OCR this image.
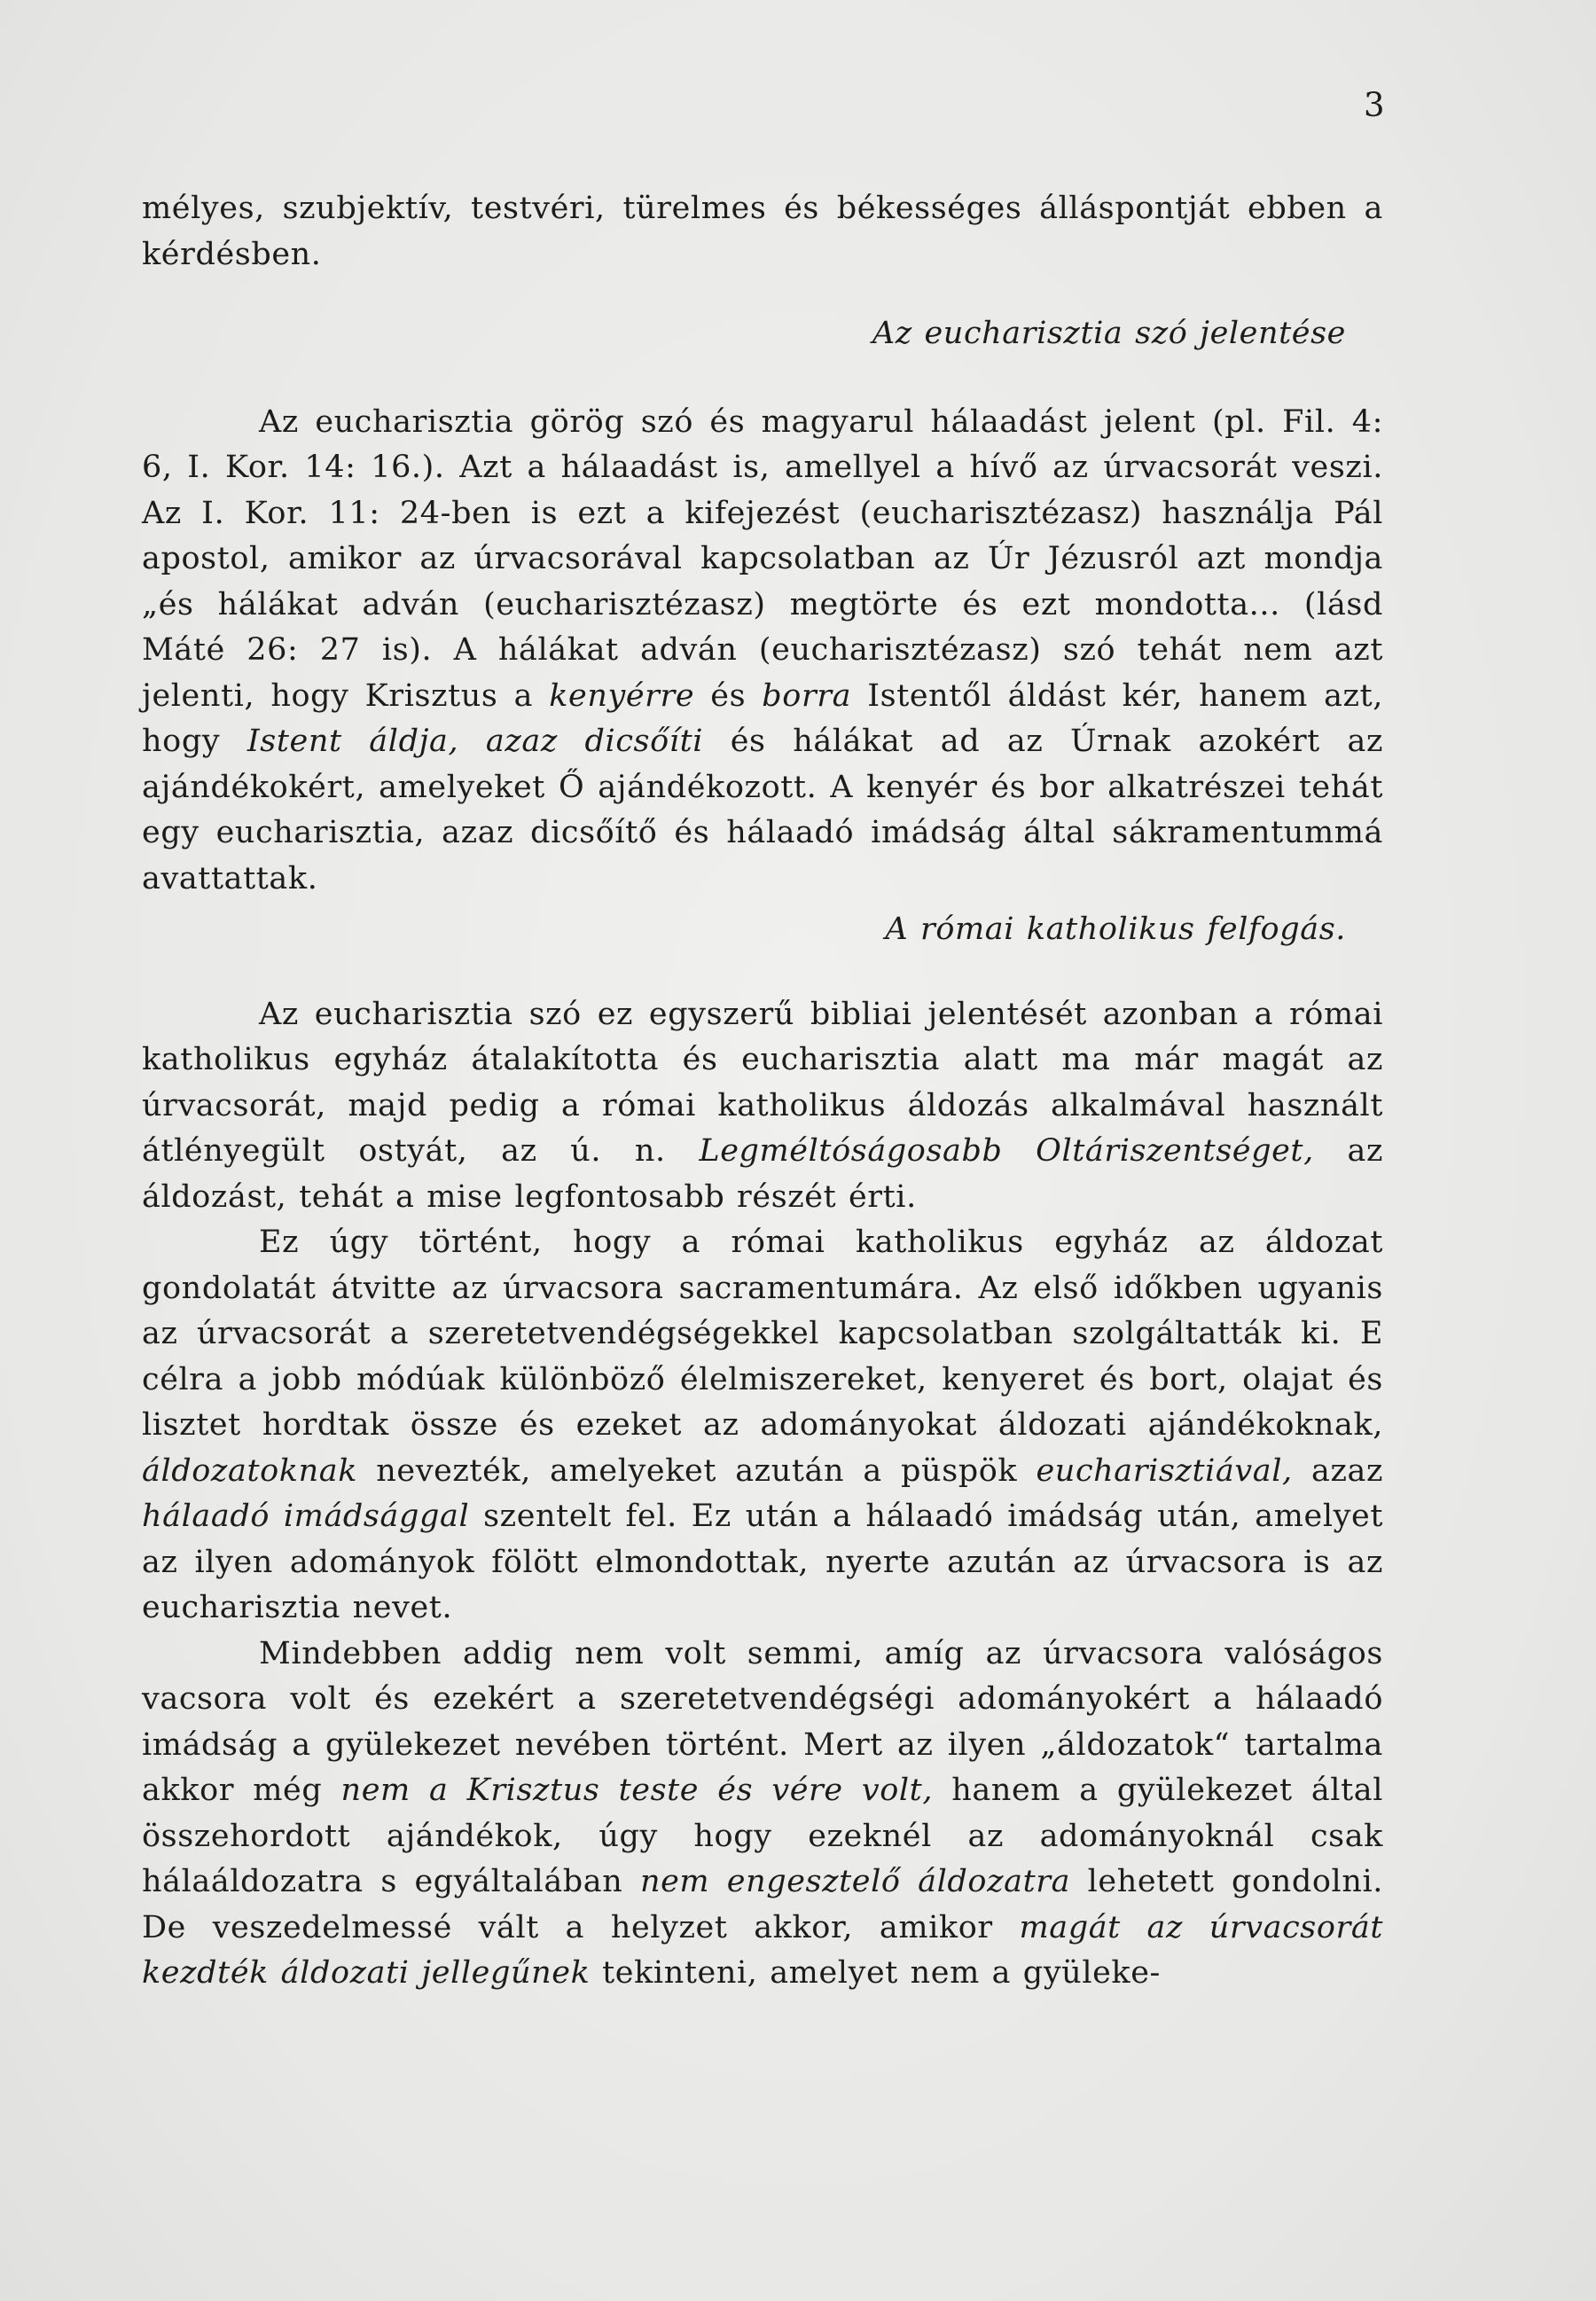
3

mélyes, szubjektív, testvéri, türelmes és békességes álláspontját ebben a kérdésben.

Az eucharisztia szó jelentése

Az eucharisztia görög szó és magyarul hálaadást jelent (pl. Fil. 4: 6, I. Kor. 14: 16.). Azt a hálaadást is, amellyel a hívő az úrvacsorát veszi. Az I. Kor. 11: 24-ben is ezt a kifejezést (eucharisztézasz) használja Pál apostol, amikor az úrvacsorával kapcsolatban az Úr Jézusról azt mondja „és hálákat adván (eucharisztézasz) megtörte és ezt mondotta... (lásd Máté 26: 27 is). A hálákat adván (eucharisztézasz) szó tehát nem azt jelenti, hogy Krisztus a kenyérre és borra Istentől áldást kér, hanem azt, hogy Istent áldja, azaz dicsőíti és hálákat ad az Úrnak azokért az ajándékokért, amelyeket Ő ajándékozott. A kenyér és bor alkatrészei tehát egy eucharisztia, azaz dicsőítő és hálaadó imádság által sákramentummá avattattak.

A római katholikus felfogás.

Az eucharisztia szó ez egyszerű bibliai jelentését azonban a római katholikus egyház átalakította és eucharisztia alatt ma már magát az úrvacsorát, majd pedig a római katholikus áldozás alkalmával használt átlényegült ostyát, az ú. n. Legméltóságosabb Oltáriszentséget, az áldozást, tehát a mise legfontosabb részét érti.

Ez úgy történt, hogy a római katholikus egyház az áldozat gondolatát átvitte az úrvacsora sacramentumára. Az első időkben ugyanis az úrvacsorát a szeretetvendégségekkel kapcsolatban szolgáltatták ki. E célra a jobb módúak különböző élelmiszereket, kenyeret és bort, olajat és lisztet hordtak össze és ezeket az adományokat áldozati ajándékoknak, áldozatoknak nevezték, amelyeket azután a püspök eucharisztiával, azaz hálaadó imádsággal szentelt fel. Ez után a hálaadó imádság után, amelyet az ilyen adományok fölött elmondottak, nyerte azután az úrvacsora is az eucharisztia nevet.

Mindebben addig nem volt semmi, amíg az úrvacsora valóságos vacsora volt és ezekért a szeretetvendégségi adományokért a hálaadó imádság a gyülekezet nevében történt. Mert az ilyen „áldozatok“ tartalma akkor még nem a Krisztus teste és vére volt, hanem a gyülekezet által összehordott ajándékok, úgy hogy ezeknél az adományoknál csak hálaáldozatra s egyáltalában nem engesztelő áldozatra lehetett gondolni. De veszedelmessé vált a helyzet akkor, amikor magát az úrvacsorát kezdték áldozati jellegűnek tekinteni, amelyet nem a gyüleke-
